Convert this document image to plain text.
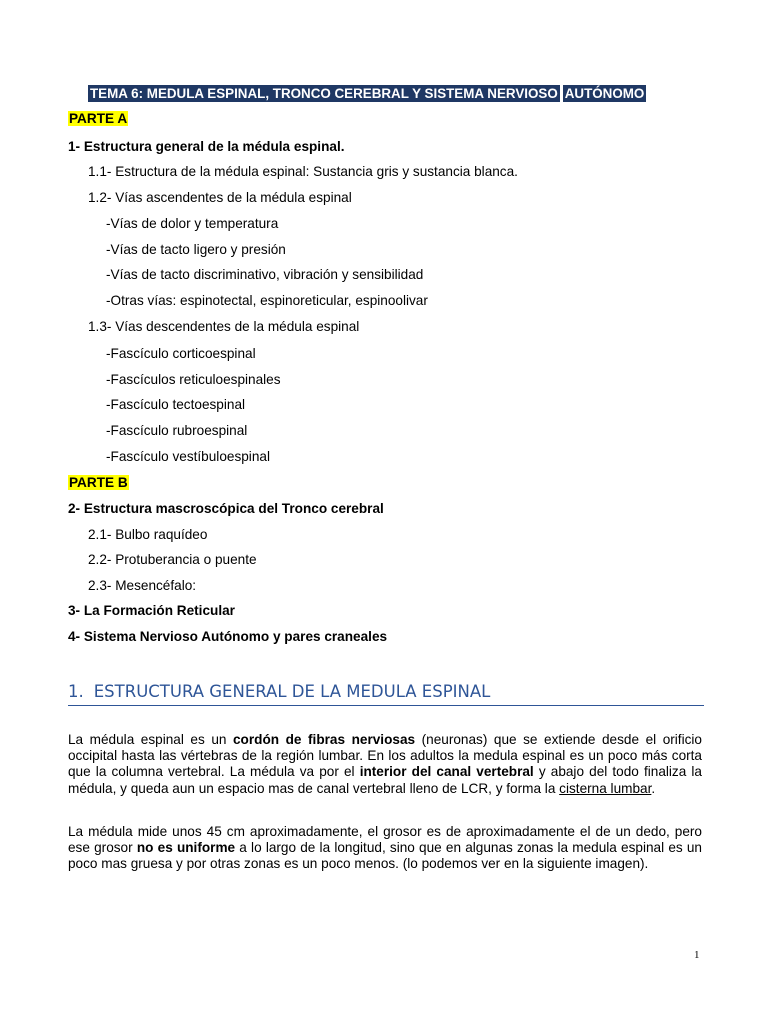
TEMA 6: MEDULA ESPINAL, TRONCO CEREBRAL Y SISTEMA NERVIOSO AUTÓNOMO
PARTE A
1- Estructura general de la médula espinal.
1.1- Estructura de la médula espinal: Sustancia gris y sustancia blanca.
1.2- Vías ascendentes de la médula espinal
-Vías de dolor y temperatura
-Vías de tacto ligero y presión
-Vías de tacto discriminativo, vibración y sensibilidad
-Otras vías: espinotectal, espinoreticular, espinoolivar
1.3- Vías descendentes de la médula espinal
-Fascículo corticoespinal
-Fascículos reticuloespinales
-Fascículo tectoespinal
-Fascículo rubroespinal
-Fascículo vestíbuloespinal
PARTE B
2- Estructura mascroscópica del Tronco cerebral
2.1- Bulbo raquídeo
2.2- Protuberancia o puente
2.3- Mesencéfalo:
3- La Formación Reticular
4- Sistema Nervioso Autónomo y pares craneales
1. ESTRUCTURA GENERAL DE LA MEDULA ESPINAL
La médula espinal es un cordón de fibras nerviosas (neuronas) que se extiende desde el orificio occipital hasta las vértebras de la región lumbar. En los adultos la medula espinal es un poco más corta que la columna vertebral. La médula va por el interior del canal vertebral y abajo del todo finaliza la médula, y queda aun un espacio mas de canal vertebral lleno de LCR, y forma la cisterna lumbar.
La médula mide unos 45 cm aproximadamente, el grosor es de aproximadamente el de un dedo, pero ese grosor no es uniforme a lo largo de la longitud, sino que en algunas zonas la medula espinal es un poco mas gruesa y por otras zonas es un poco menos. (lo podemos ver en la siguiente imagen).
1
